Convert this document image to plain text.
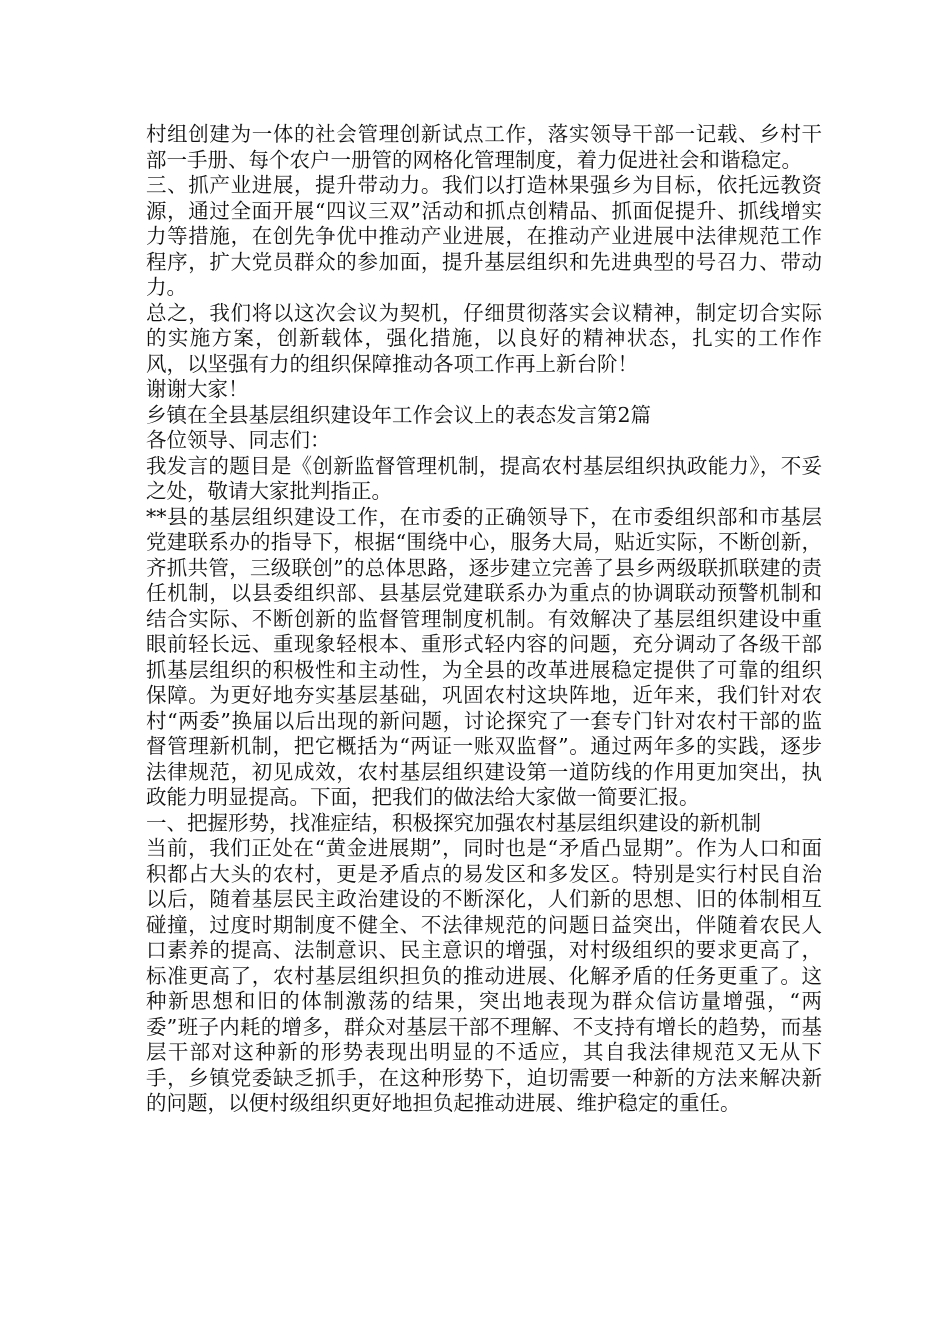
村组创建为一体的社会管理创新试点工作，落实领导干部一记载、乡村干部一手册、每个农户一册管的网格化管理制度，着力促进社会和谐稳定。

三、抓产业进展，提升带动力。我们以打造林果强乡为目标，依托远教资源，通过全面开展“四议三双”活动和抓点创精品、抓面促提升、抓线增实力等措施，在创先争优中推动产业进展，在推动产业进展中法律规范工作程序，扩大党员群众的参加面，提升基层组织和先进典型的号召力、带动力。

总之，我们将以这次会议为契机，仔细贯彻落实会议精神，制定切合实际的实施方案，创新载体，强化措施，以良好的精神状态，扎实的工作作风，以坚强有力的组织保障推动各项工作再上新台阶！

谢谢大家！

乡镇在全县基层组织建设年工作会议上的表态发言第2篇

各位领导、同志们：

我发言的题目是《创新监督管理机制，提高农村基层组织执政能力》，不妥之处，敬请大家批判指正。

**县的基层组织建设工作，在市委的正确领导下，在市委组织部和市基层党建联系办的指导下，根据“围绕中心，服务大局，贴近实际，不断创新，齐抓共管，三级联创”的总体思路，逐步建立完善了县乡两级联抓联建的责任机制，以县委组织部、县基层党建联系办为重点的协调联动预警机制和结合实际、不断创新的监督管理制度机制。有效解决了基层组织建设中重眼前轻长远、重现象轻根本、重形式轻内容的问题，充分调动了各级干部抓基层组织的积极性和主动性，为全县的改革进展稳定提供了可靠的组织保障。为更好地夯实基层基础，巩固农村这块阵地，近年来，我们针对农村“两委”换届以后出现的新问题，讨论探究了一套专门针对农村干部的监督管理新机制，把它概括为“两证一账双监督”。通过两年多的实践，逐步法律规范，初见成效，农村基层组织建设第一道防线的作用更加突出，执政能力明显提高。下面，把我们的做法给大家做一简要汇报。

一、把握形势，找准症结，积极探究加强农村基层组织建设的新机制

当前，我们正处在“黄金进展期”，同时也是“矛盾凸显期”。作为人口和面积都占大头的农村，更是矛盾点的易发区和多发区。特别是实行村民自治以后，随着基层民主政治建设的不断深化，人们新的思想、旧的体制相互碰撞，过度时期制度不健全、不法律规范的问题日益突出，伴随着农民人口素养的提高、法制意识、民主意识的增强，对村级组织的要求更高了，标准更高了，农村基层组织担负的推动进展、化解矛盾的任务更重了。这种新思想和旧的体制激荡的结果，突出地表现为群众信访量增强，“两委”班子内耗的增多，群众对基层干部不理解、不支持有增长的趋势，而基层干部对这种新的形势表现出明显的不适应，其自我法律规范又无从下手，乡镇党委缺乏抓手，在这种形势下，迫切需要一种新的方法来解决新的问题，以便村级组织更好地担负起推动进展、维护稳定的重任。
